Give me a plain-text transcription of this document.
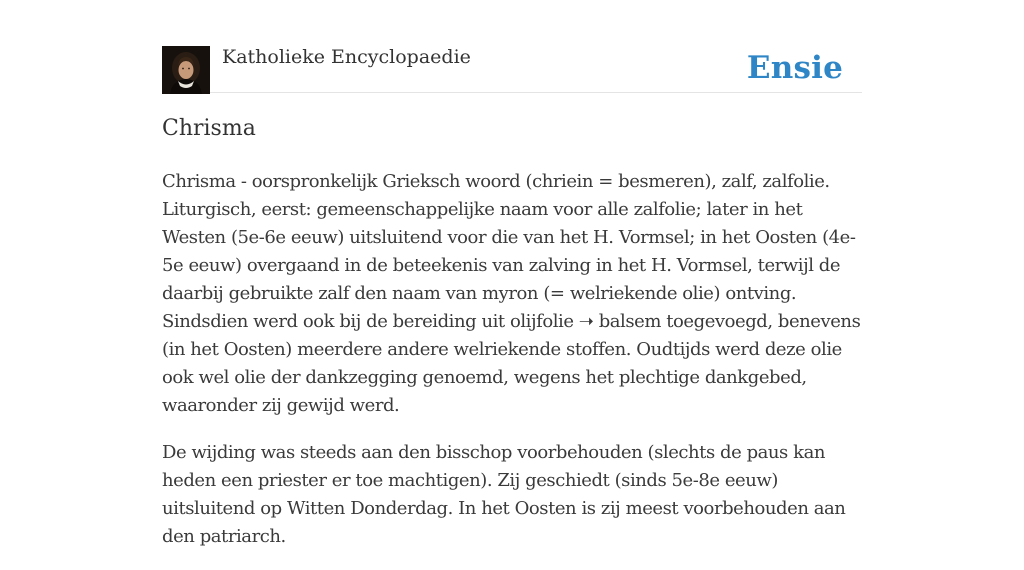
Katholieke Encyclopaedie	Ensie
Chrisma

Chrisma - oorspronkelijk Grieksch woord (chriein = besmeren), zalf, zalfolie. Liturgisch, eerst: gemeenschappelijke naam voor alle zalfolie; later in het Westen (5e-6e eeuw) uitsluitend voor die van het H. Vormsel; in het Oosten (4e-5e eeuw) overgaand in de beteekenis van zalving in het H. Vormsel, terwijl de daarbij gebruikte zalf den naam van myron (= welriekende olie) ontving. Sindsdien werd ook bij de bereiding uit olijfolie ➝ balsem toegevoegd, benevens (in het Oosten) meerdere andere welriekende stoffen. Oudtijds werd deze olie ook wel olie der dankzegging genoemd, wegens het plechtige dankgebed, waaronder zij gewijd werd.

De wijding was steeds aan den bisschop voorbehouden (slechts de paus kan heden een priester er toe machtigen). Zij geschiedt (sinds 5e-8e eeuw) uitsluitend op Witten Donderdag. In het Oosten is zij meest voorbehouden aan den patriarch.
